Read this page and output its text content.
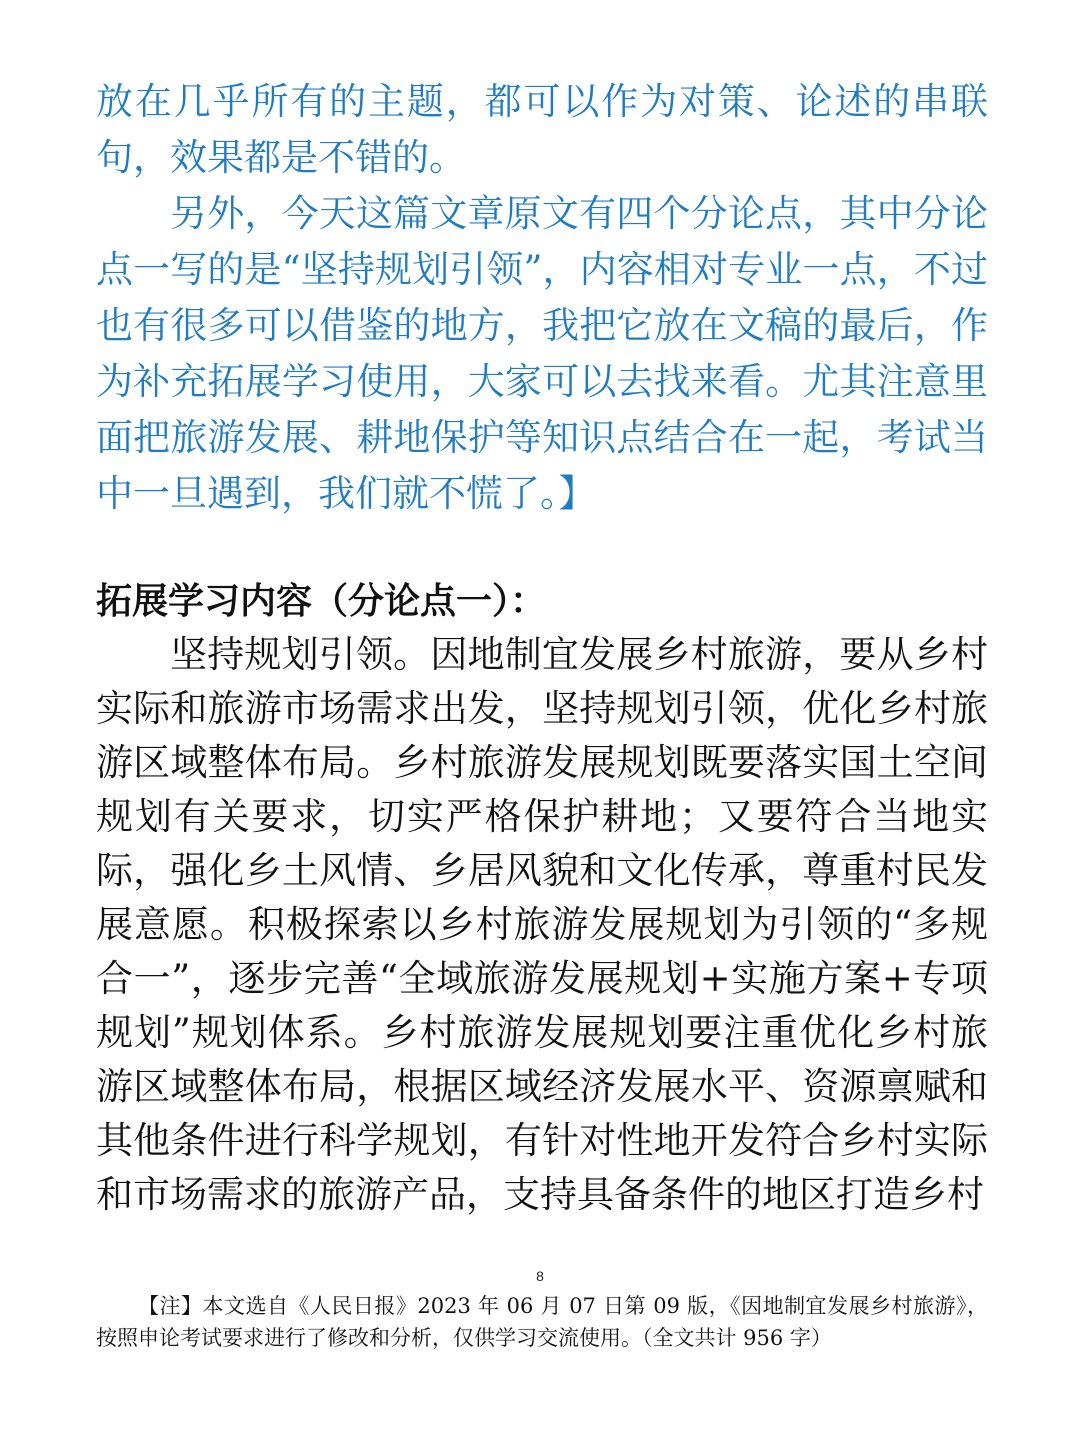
放在几乎所有的主题，都可以作为对策、论述的串联句，效果都是不错的。

另外，今天这篇文章原文有四个分论点，其中分论点一写的是“坚持规划引领”，内容相对专业一点，不过也有很多可以借鉴的地方，我把它放在文稿的最后，作为补充拓展学习使用，大家可以去找来看。尤其注意里面把旅游发展、耕地保护等知识点结合在一起，考试当中一旦遇到，我们就不慌了。】

拓展学习内容（分论点一）：

坚持规划引领。因地制宜发展乡村旅游，要从乡村实际和旅游市场需求出发，坚持规划引领，优化乡村旅游区域整体布局。乡村旅游发展规划既要落实国土空间规划有关要求，切实严格保护耕地；又要符合当地实际，强化乡土风情、乡居风貌和文化传承，尊重村民发展意愿。积极探索以乡村旅游发展规划为引领的“多规合一”，逐步完善“全域旅游发展规划+实施方案+专项规划”规划体系。乡村旅游发展规划要注重优化乡村旅游区域整体布局，根据区域经济发展水平、资源禀赋和其他条件进行科学规划，有针对性地开发符合乡村实际和市场需求的旅游产品，支持具备条件的地区打造乡村

8

【注】本文选自《人民日报》2023 年 06 月 07 日第 09 版，《因地制宜发展乡村旅游》，按照申论考试要求进行了修改和分析，仅供学习交流使用。（全文共计 956 字）
